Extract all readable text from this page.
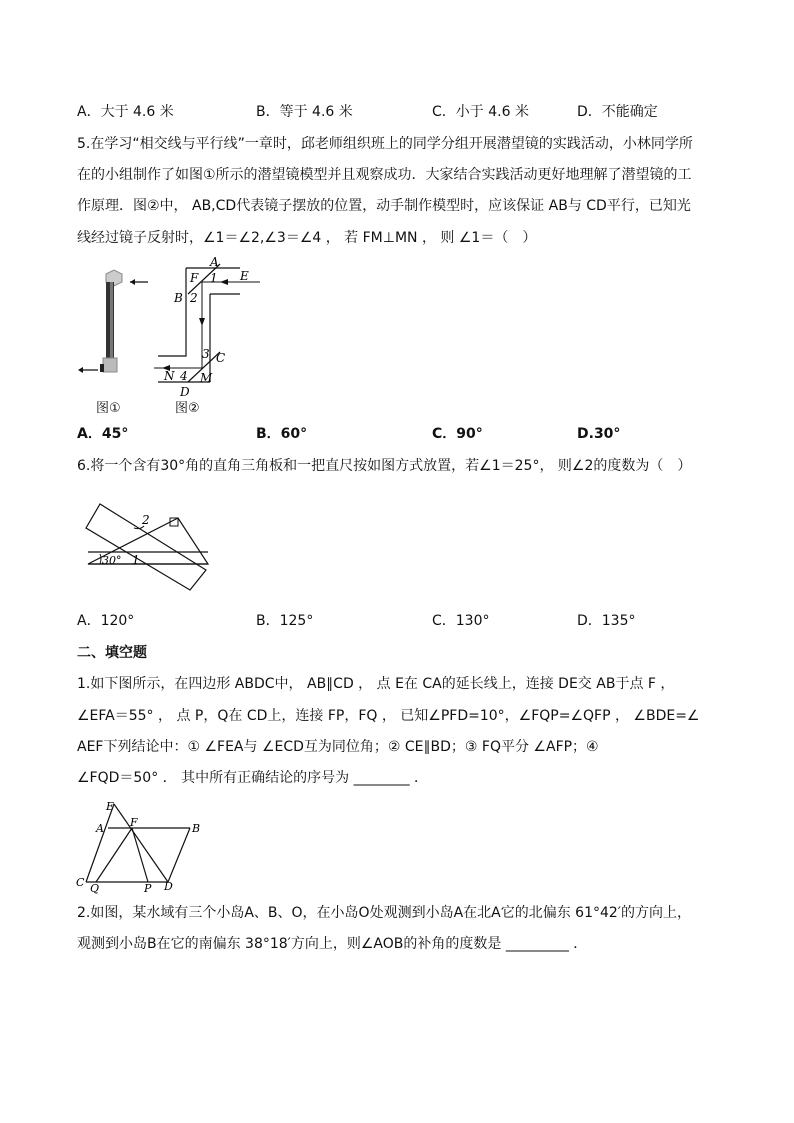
A．大于 4.6 米	B．等于 4.6 米	C．小于 4.6 米	D．不能确定
5.在学习“相交线与平行线”一章时，邱老师组织班上的同学分组开展潜望镜的实践活动，小林同学所
在的小组制作了如图①所示的潜望镜模型并且观察成功．大家结合实践活动更好地理解了潜望镜的工
作原理．图②中， AB,CD代表镜子摆放的位置，动手制作模型时，应该保证 AB与 CD平行，已知光
线经过镜子反射时，∠1＝∠2,∠3＝∠4 ， 若 FM⊥MN ， 则 ∠1＝（　）
图①
A
E
F 1
B 2
3 C
N 4 M
D
图②
A．45°	B．60°	C．90°	D.30°
6.将一个含有30°角的直角三角板和一把直尺按如图方式放置，若∠1＝25°， 则∠2的度数为（　）
2
30° 1
A．120°	B．125°	C．130°	D．135°
二、填空题
1.如下图所示，在四边形 ABDC中， AB∥CD ， 点 E在 CA的延长线上，连接 DE交 AB于点 F ，
∠EFA＝55° ， 点 P，Q在 CD上，连接 FP，FQ ， 已知∠PFD=10°，∠FQP=∠QFP ， ∠BDE=∠
AEF下列结论中：① ∠FEA与 ∠ECD互为同位角；② CE∥BD；③ FQ平分 ∠AFP；④
∠FQD＝50° ． 其中所有正确结论的序号为 ________ ．
E
A F	B
C Q	P D
2.如图，某水域有三个小岛A、B、O，在小岛O处观测到小岛A在北A它的北偏东 61°42′的方向上，
观测到小岛B在它的南偏东 38°18′方向上，则∠AOB的补角的度数是 _________ ．
